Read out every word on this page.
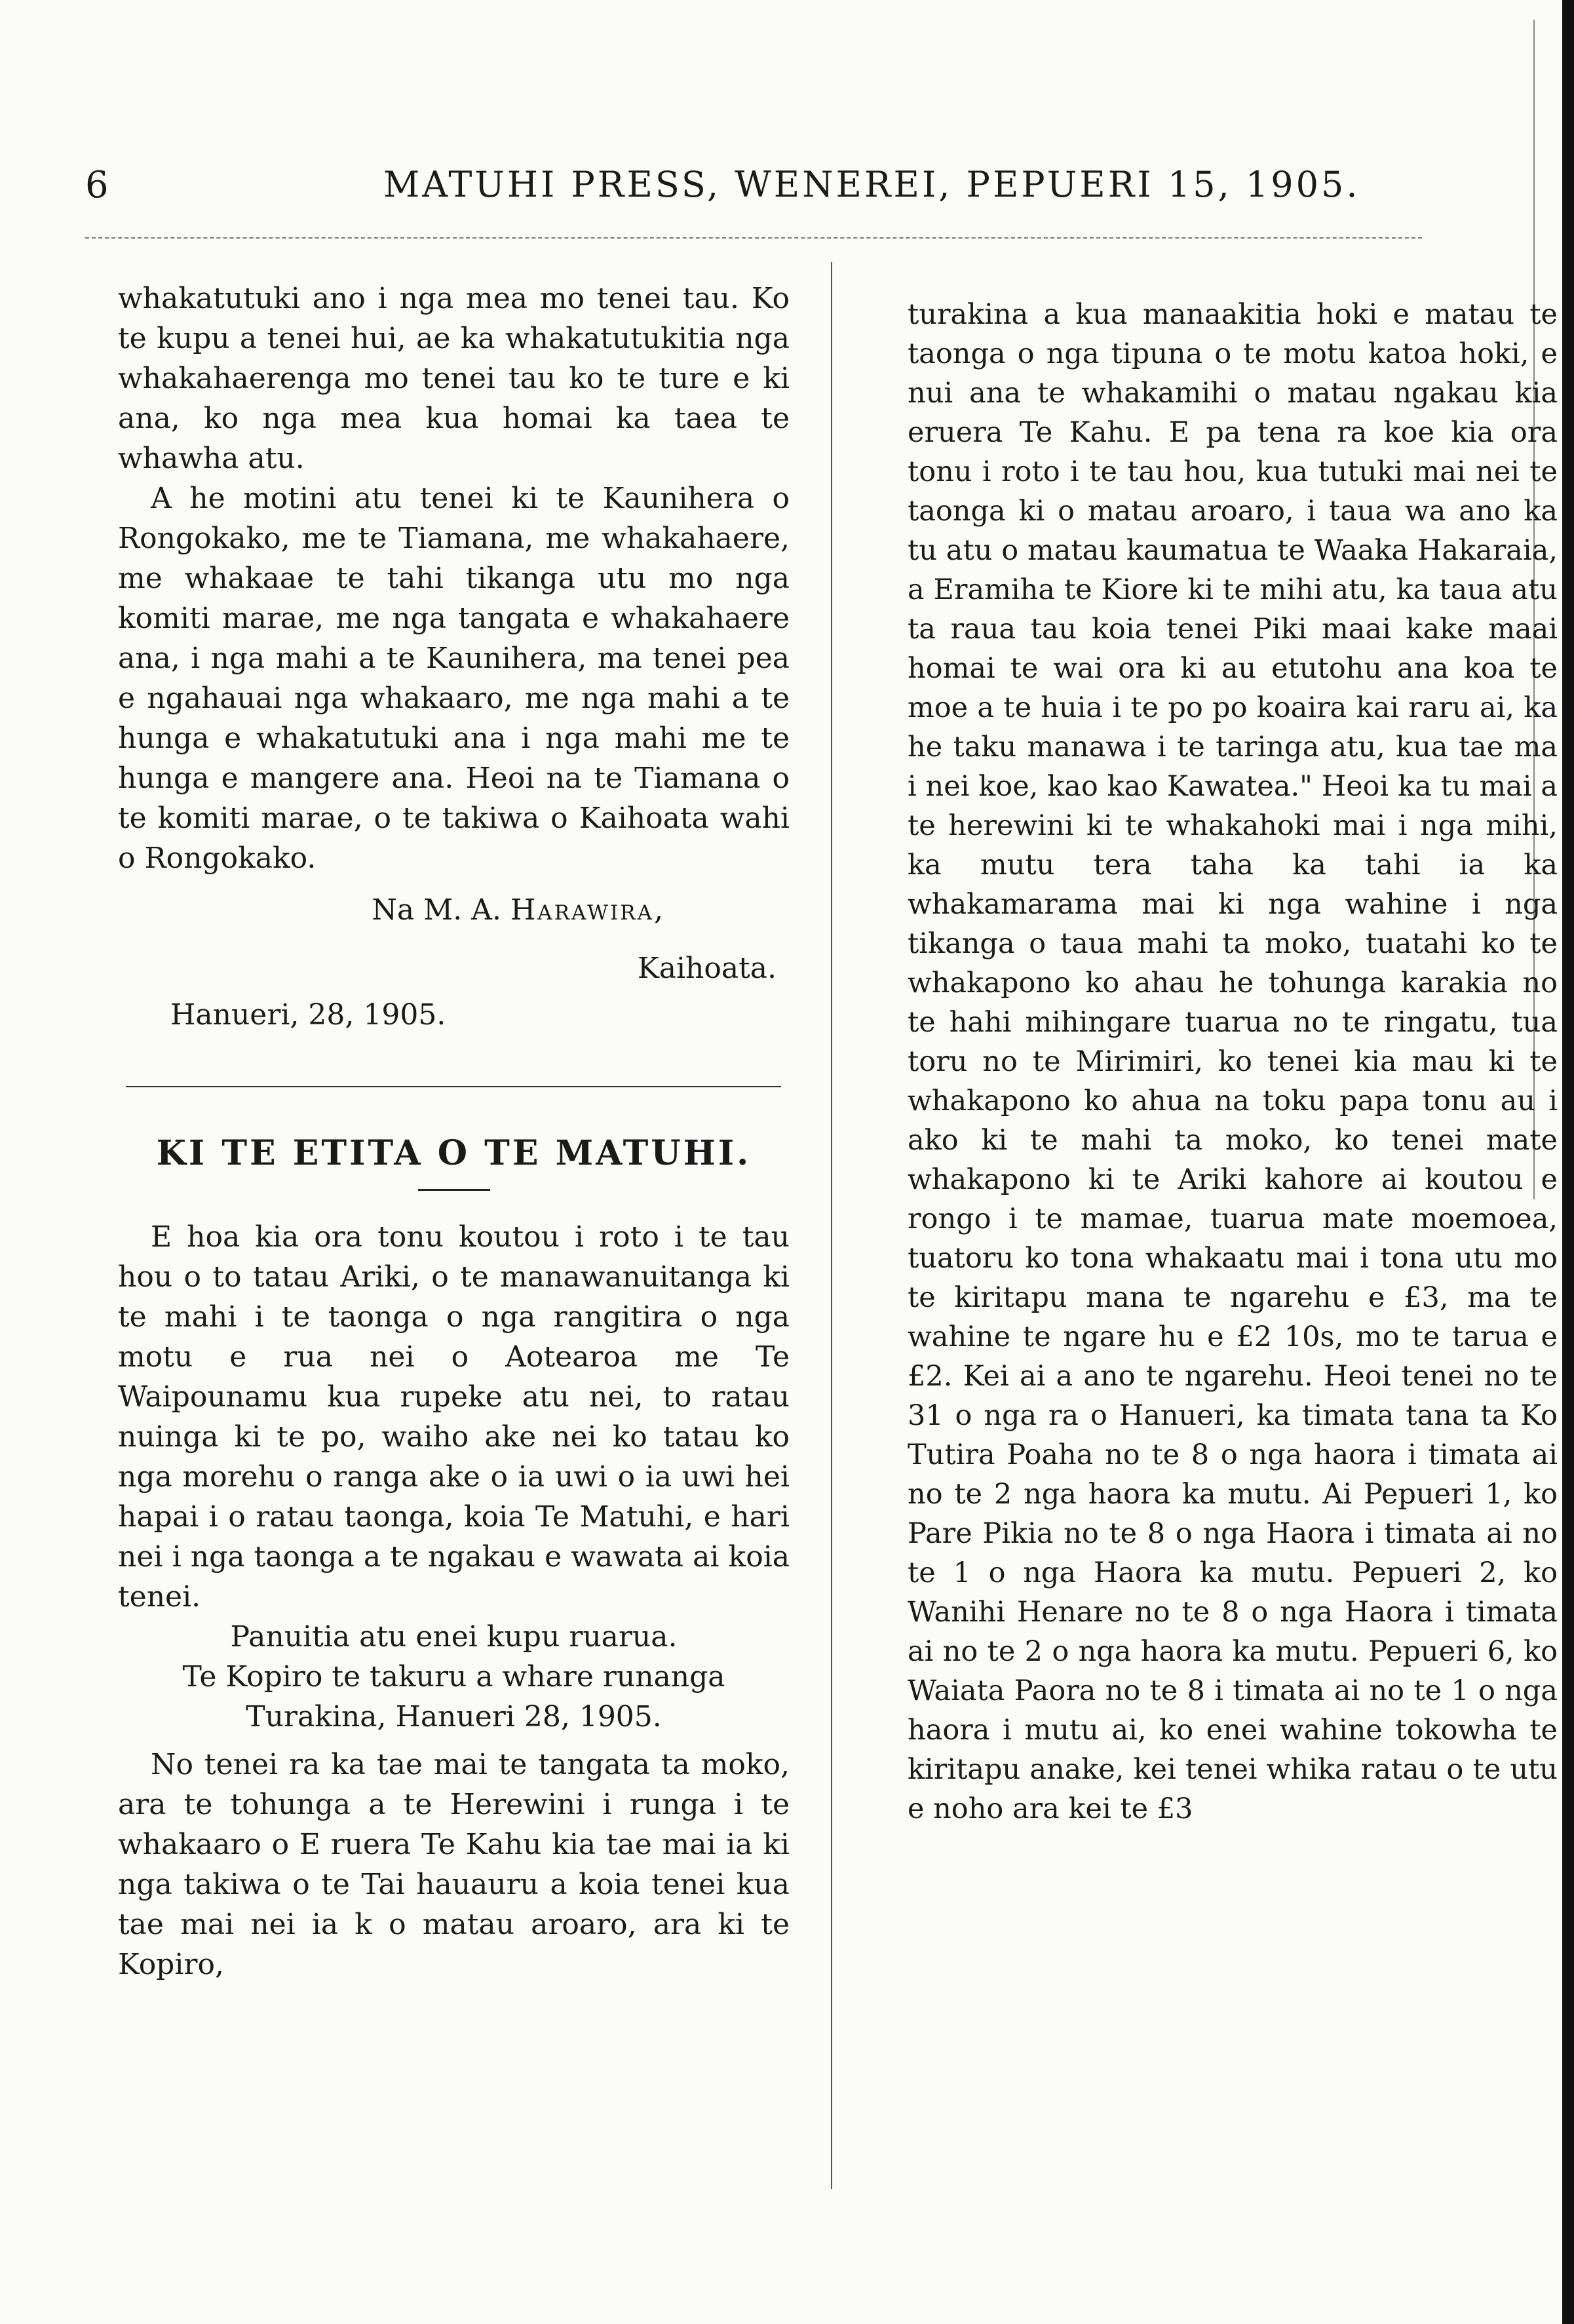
6	MATUHI PRESS, WENEREI, PEPUERI 15, 1905.

whakatutuki ano i nga mea mo tenei tau. Ko te kupu a tenei hui, ae ka whakatutukitia nga whakahaerenga mo tenei tau ko te ture e ki ana, ko nga mea kua homai ka taea te whawha atu.

A he motini atu tenei ki te Kaunihera o Rongokako, me te Tiamana, me whakahaere, me whakaae te tahi tikanga utu mo nga komiti marae, me nga tangata e whakahaere ana, i nga mahi a te Kaunihera, ma tenei pea e ngahauai nga whakaaro, me nga mahi a te hunga e whakatutuki ana i nga mahi me te hunga e mangere ana. Heoi na te Tiamana o te komiti marae, o te takiwa o Kaihoata wahi o Rongokako.

Na M. A. Harawira,
Kaihoata.
Hanueri, 28, 1905.
KI TE ETITA O TE MATUHI.

E hoa kia ora tonu koutou i roto i te tau hou o to tatau Ariki, o te manawanuitanga ki te mahi i te taonga o nga rangitira o nga motu e rua nei o Aotearoa me Te Waipounamu kua rupeke atu nei, to ratau nuinga ki te po, waiho ake nei ko tatau ko nga morehu o ranga ake o ia uwi o ia uwi hei hapai i o ratau taonga, koia Te Matuhi, e hari nei i nga taonga a te ngakau e wawata ai koia tenei.

Panuitia atu enei kupu ruarua.

Te Kopiro te takuru a whare runanga

Turakina, Hanueri 28, 1905.

No tenei ra ka tae mai te tangata ta moko, ara te tohunga a te Herewini i runga i te whakaaro o E ruera Te Kahu kia tae mai ia ki nga takiwa o te Tai hauauru a koia tenei kua tae mai nei ia k o matau aroaro, ara ki te Kopiro,

turakina a kua manaakitia hoki e matau te taonga o nga tipuna o te motu katoa hoki, e nui ana te whakamihi o matau ngakau kia eruera Te Kahu. E pa tena ra koe kia ora tonu i roto i te tau hou, kua tutuki mai nei te taonga ki o matau aroaro, i taua wa ano ka tu atu o matau kaumatua te Waaka Hakaraia, a Eramiha te Kiore ki te mihi atu, ka taua atu ta raua tau koia tenei Piki maai kake maai homai te wai ora ki au etutohu ana koa te moe a te huia i te po po koaira kai raru ai, ka he taku manawa i te taringa atu, kua tae ma i nei koe, kao kao Kawatea." Heoi ka tu mai a te herewini ki te whakahoki mai i nga mihi, ka mutu tera taha ka tahi ia ka whakamarama mai ki nga wahine i nga tikanga o taua mahi ta moko, tuatahi ko te whakapono ko ahau he tohunga karakia no te hahi mihingare tuarua no te ringatu, tua toru no te Mirimiri, ko tenei kia mau ki te whakapono ko ahua na toku papa tonu au i ako ki te mahi ta moko, ko tenei mate whakapono ki te Ariki kahore ai koutou e rongo i te mamae, tuarua mate moemoea, tuatoru ko tona whakaatu mai i tona utu mo te kiritapu mana te ngarehu e £3, ma te wahine te ngare hu e £2 10s, mo te tarua e £2. Kei ai a ano te ngarehu. Heoi tenei no te 31 o nga ra o Hanueri, ka timata tana ta Ko Tutira Poaha no te 8 o nga haora i timata ai no te 2 nga haora ka mutu. Ai Pepueri 1, ko Pare Pikia no te 8 o nga Haora i timata ai no te 1 o nga Haora ka mutu. Pepueri 2, ko Wanihi Henare no te 8 o nga Haora i timata ai no te 2 o nga haora ka mutu. Pepueri 6, ko Waiata Paora no te 8 i timata ai no te 1 o nga haora i mutu ai, ko enei wahine tokowha te kiritapu anake, kei tenei whika ratau o te utu e noho ara kei te £3
